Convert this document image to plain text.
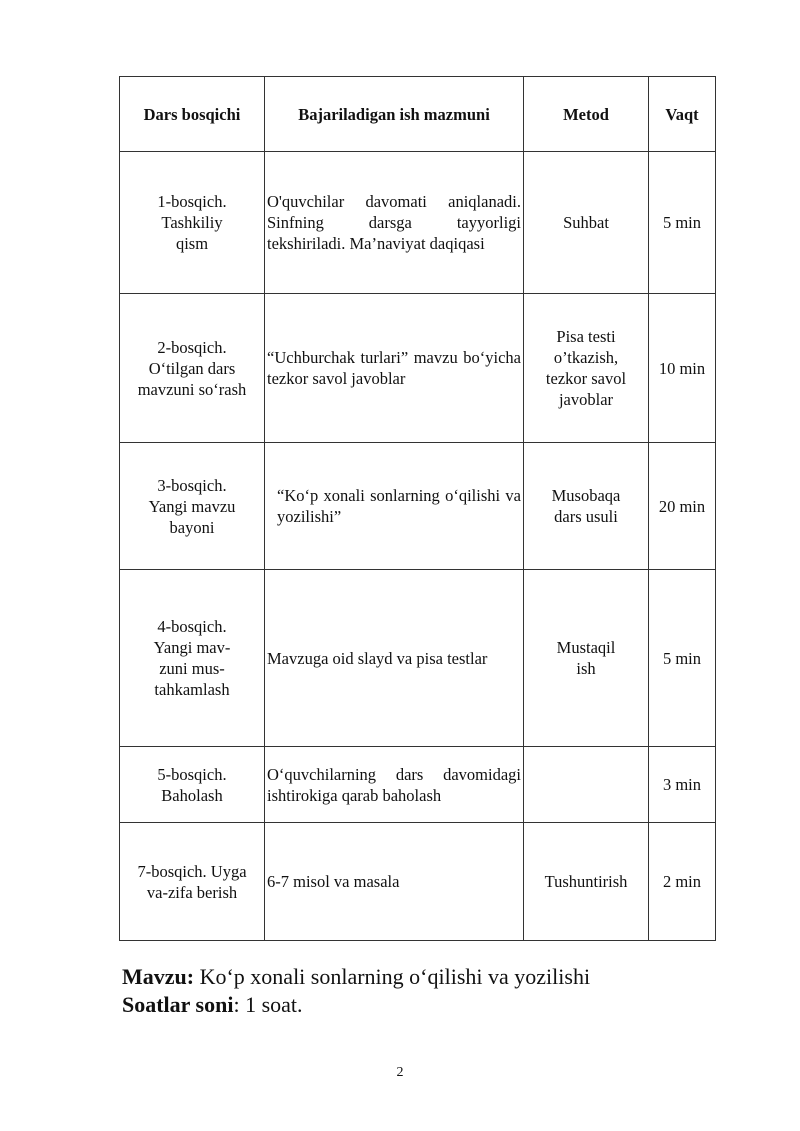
Dars bosqichi	Bajariladigan ish mazmuni	Metod	Vaqt
1-bosqich.
Tashkiliy
qism	O'quvchilar davomati aniqlanadi. Sinfning darsga tayyorligi tekshiriladi. Ma’naviyat daqiqasi	Suhbat	5 min
2-bosqich.
O‘tilgan dars
mavzuni so‘rash	“Uchburchak turlari” mavzu bo‘yicha tezkor savol javoblar	Pisa testi
o’tkazish,
tezkor savol
javoblar	10 min
3-bosqich.
Yangi mavzu
bayoni	“Ko‘p xonali sonlarning o‘qilishi va yozilishi”	Musobaqa
dars usuli	20 min
4-bosqich.
Yangi mav-
zuni mus-
tahkamlash	Mavzuga oid slayd va pisa testlar	Mustaqil
ish	5 min
5-bosqich.
Baholash	O‘quvchilarning dars davomidagi ishtirokiga qarab baholash		3 min
7-bosqich. Uyga
va-zifa berish	6-7 misol va masala	Tushuntirish	2 min
Mavzu: Ko‘p xonali sonlarning o‘qilishi va yozilishi
Soatlar soni: 1 soat.
2
